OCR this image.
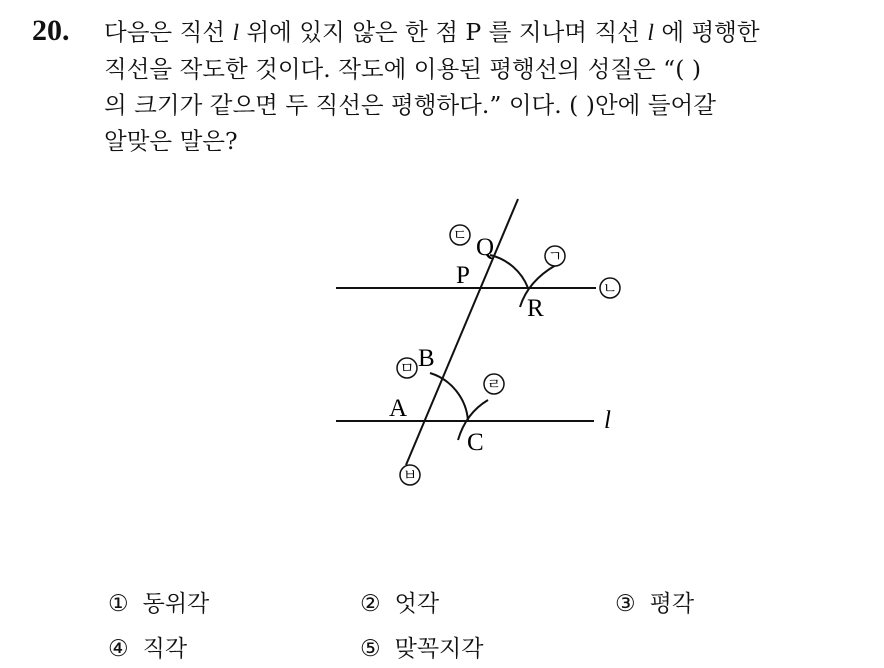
20. 다음은 직선 l 위에 있지 않은 한 점 P 를 지나며 직선 l 에 평행한
직선을 작도한 것이다. 작도에 이용된 평행선의 성질은 “( )
의 크기가 같으면 두 직선은 평행하다.” 이다. ( )안에 들어갈
알맞은 말은?
Q
P
R
B
A
C
l
ㄷ
ㄱ
ㄴ
ㅁ
ㄹ
ㅂ
① 동위각	② 엇각	③ 평각
④ 직각	⑤ 맞꼭지각
